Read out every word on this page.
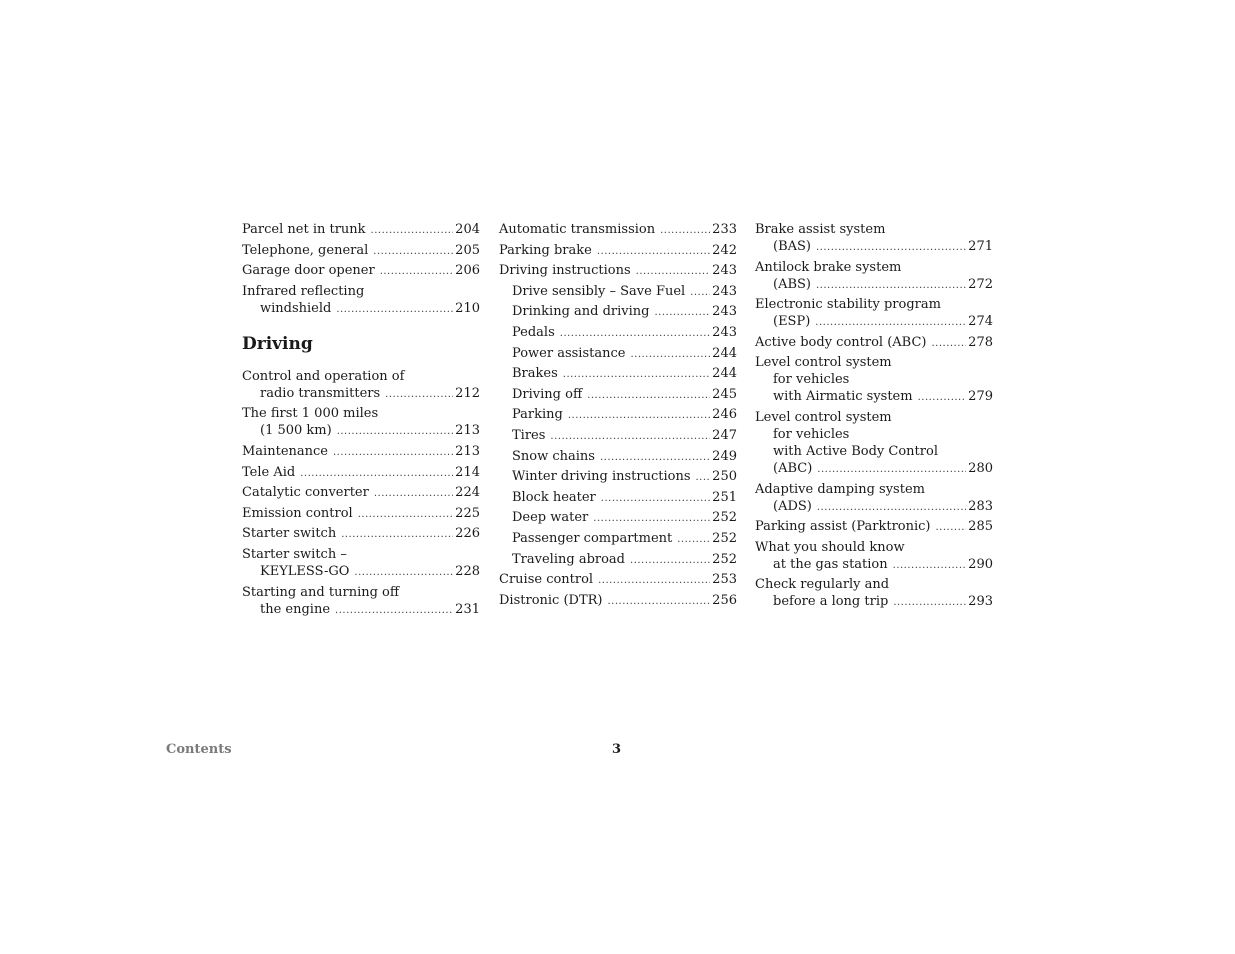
Parcel net in trunk .....	204
Telephone, general .....	205
Garage door opener .....	206
Infrared reflecting
windshield .....	210
Driving
Control and operation of
radio transmitters .....	212
The first 1 000 miles
(1 500 km) .....	213
Maintenance .....	213
Tele Aid .....	214
Catalytic converter .....	224
Emission control .....	225
Starter switch .....	226
Starter switch –
KEYLESS-GO .....	228
Starting and turning off
the engine .....	231
Automatic transmission .....	233
Parking brake .....	242
Driving instructions .....	243
Drive sensibly – Save Fuel ..... 243
Drinking and driving .....	243
Pedals .....	243
Power assistance .....	244
Brakes .....	244
Driving off .....	245
Parking .....	246
Tires .....	247
Snow chains .....	249
Winter driving instructions ..... 250
Block heater .....	251
Deep water .....	252
Passenger compartment .....	252
Traveling abroad .....	252
Cruise control .....	253
Distronic (DTR) .....	256
Brake assist system
(BAS) .....	271
Antilock brake system
(ABS) .....	272
Electronic stability program
(ESP) .....	274
Active body control (ABC) .....	278
Level control system
for vehicles
with Airmatic system .....	279
Level control system
for vehicles
with Active Body Control
(ABC) .....	280
Adaptive damping system
(ADS) .....	283
Parking assist (Parktronic) .....	285
What you should know
at the gas station .....	290
Check regularly and
before a long trip .....	293
Contents	3
